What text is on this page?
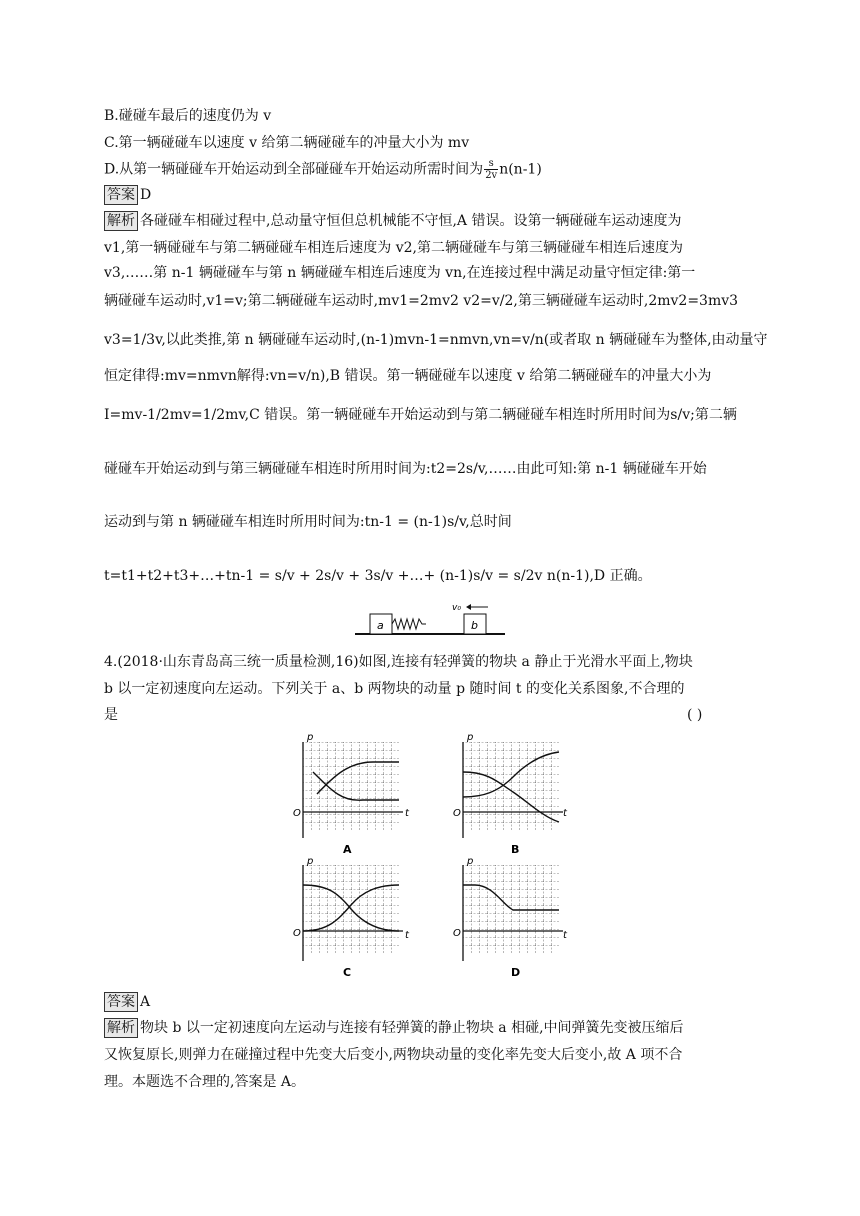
B.碰碰车最后的速度仍为 v
C.第一辆碰碰车以速度 v 给第二辆碰碰车的冲量大小为 mv
D.从第一辆碰碰车开始运动到全部碰碰车开始运动所需时间为 $\frac{s}{2v} n(n-1)$
答案 D
解析 各碰碰车相碰过程中,总动量守恒但总机械能不守恒,A 错误。设第一辆碰碰车运动速度为
v1,第一辆碰碰车与第二辆碰碰车相连后速度为 v2,第二辆碰碰车与第三辆碰碰车相连后速度为
v3,……第 n-1 辆碰碰车与第 n 辆碰碰车相连后速度为 vn,在连接过程中满足动量守恒定律:第一
辆碰碰车运动时,v1=v;第二辆碰碰车运动时,mv1=2mv2 v2=v/2,第三辆碰碰车运动时,2mv2=3mv3
v3=1/3v,以此类推,第 n 辆碰碰车运动时,(n-1)mvn-1=nmvn,vn=v/n(或者取 n 辆碰碰车为整体,由动量守
恒定律得:mv=nmvn解得:vn=v/n),B 错误。第一辆碰碰车以速度 v 给第二辆碰碰车的冲量大小为
I=mv-1/2mv=1/2mv,C 错误。第一辆碰碰车开始运动到与第二辆碰碰车相连时所用时间为s/v;第二辆
碰碰车开始运动到与第三辆碰碰车相连时所用时间为:t2=2s/v,……由此可知:第 n-1 辆碰碰车开始
运动到与第 n 辆碰碰车相连时所用时间为:tn-1 = (n-1)s/v,总时间
t=t1+t2+t3+…+tn-1 = s/v + 2s/v + 3s/v +…+ (n-1)s/v = s/2v n(n-1),D 正确。
a	b
v₀
4.(2018·山东青岛高三统一质量检测,16)如图,连接有轻弹簧的物块 a 静止于光滑水平面上,物块
b 以一定初速度向左运动。下列关于 a、b 两物块的动量 p 随时间 t 的变化关系图象,不合理的
是	( )
p
t
O
p
t
O
p
t
O
p
t
O
A	B
C	D
答案 A
解析 物块 b 以一定初速度向左运动与连接有轻弹簧的静止物块 a 相碰,中间弹簧先变被压缩后
又恢复原长,则弹力在碰撞过程中先变大后变小,两物块动量的变化率先变大后变小,故 A 项不合
理。本题选不合理的,答案是 A。
